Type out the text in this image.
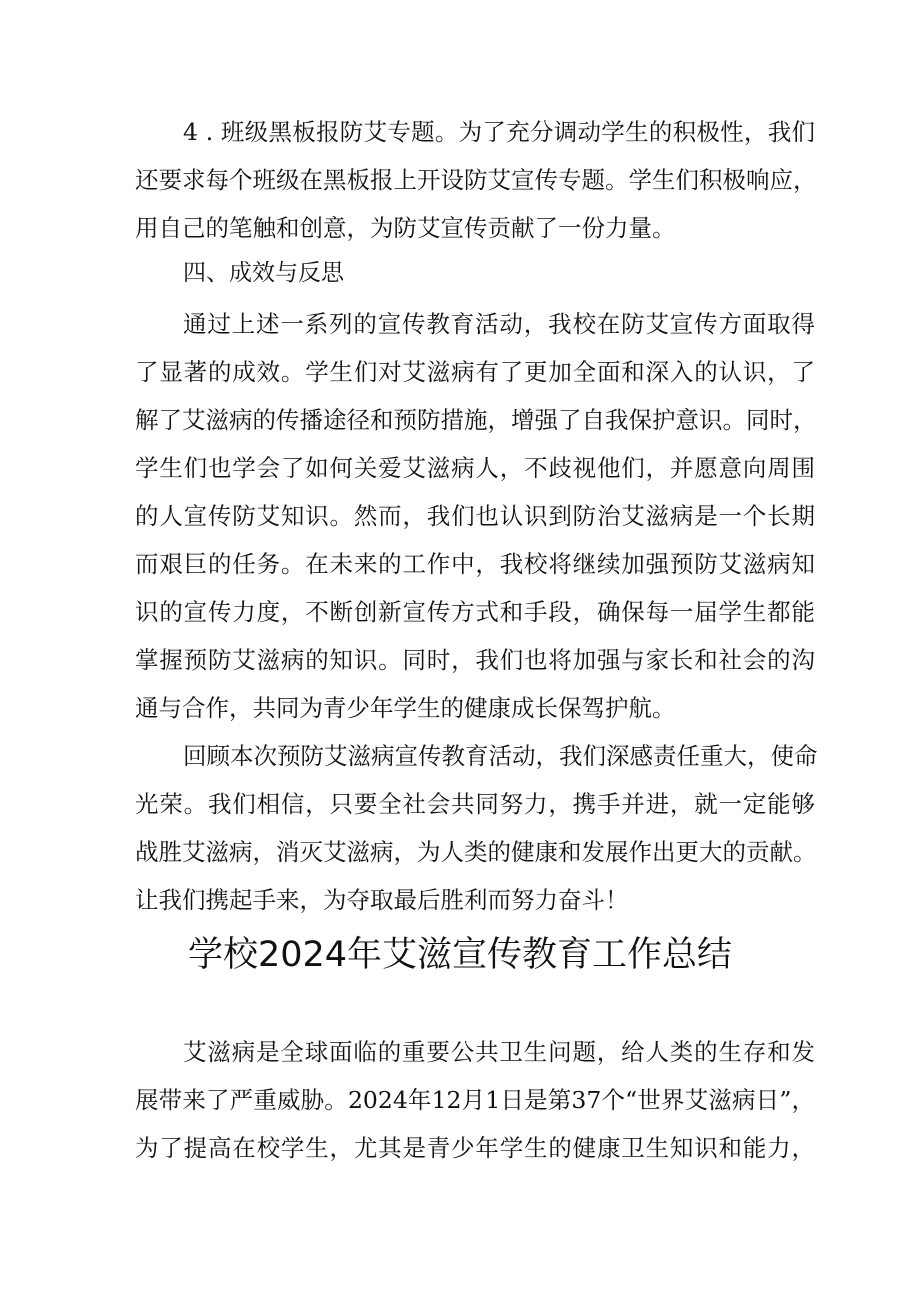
4 . 班级黑板报防艾专题。为了充分调动学生的积极性，我们
还要求每个班级在黑板报上开设防艾宣传专题。学生们积极响应，
用自己的笔触和创意，为防艾宣传贡献了一份力量。
四、成效与反思
通过上述一系列的宣传教育活动，我校在防艾宣传方面取得
了显著的成效。学生们对艾滋病有了更加全面和深入的认识，了
解了艾滋病的传播途径和预防措施，增强了自我保护意识。同时，
学生们也学会了如何关爱艾滋病人，不歧视他们，并愿意向周围
的人宣传防艾知识。然而，我们也认识到防治艾滋病是一个长期
而艰巨的任务。在未来的工作中，我校将继续加强预防艾滋病知
识的宣传力度，不断创新宣传方式和手段，确保每一届学生都能
掌握预防艾滋病的知识。同时，我们也将加强与家长和社会的沟
通与合作，共同为青少年学生的健康成长保驾护航。
回顾本次预防艾滋病宣传教育活动，我们深感责任重大，使命
光荣。我们相信，只要全社会共同努力，携手并进，就一定能够
战胜艾滋病，消灭艾滋病，为人类的健康和发展作出更大的贡献。
让我们携起手来，为夺取最后胜利而努力奋斗！
学校2024年艾滋宣传教育工作总结
艾滋病是全球面临的重要公共卫生问题，给人类的生存和发
展带来了严重威胁。2024年12月1日是第37个“世界艾滋病日”，
为了提高在校学生，尤其是青少年学生的健康卫生知识和能力，
